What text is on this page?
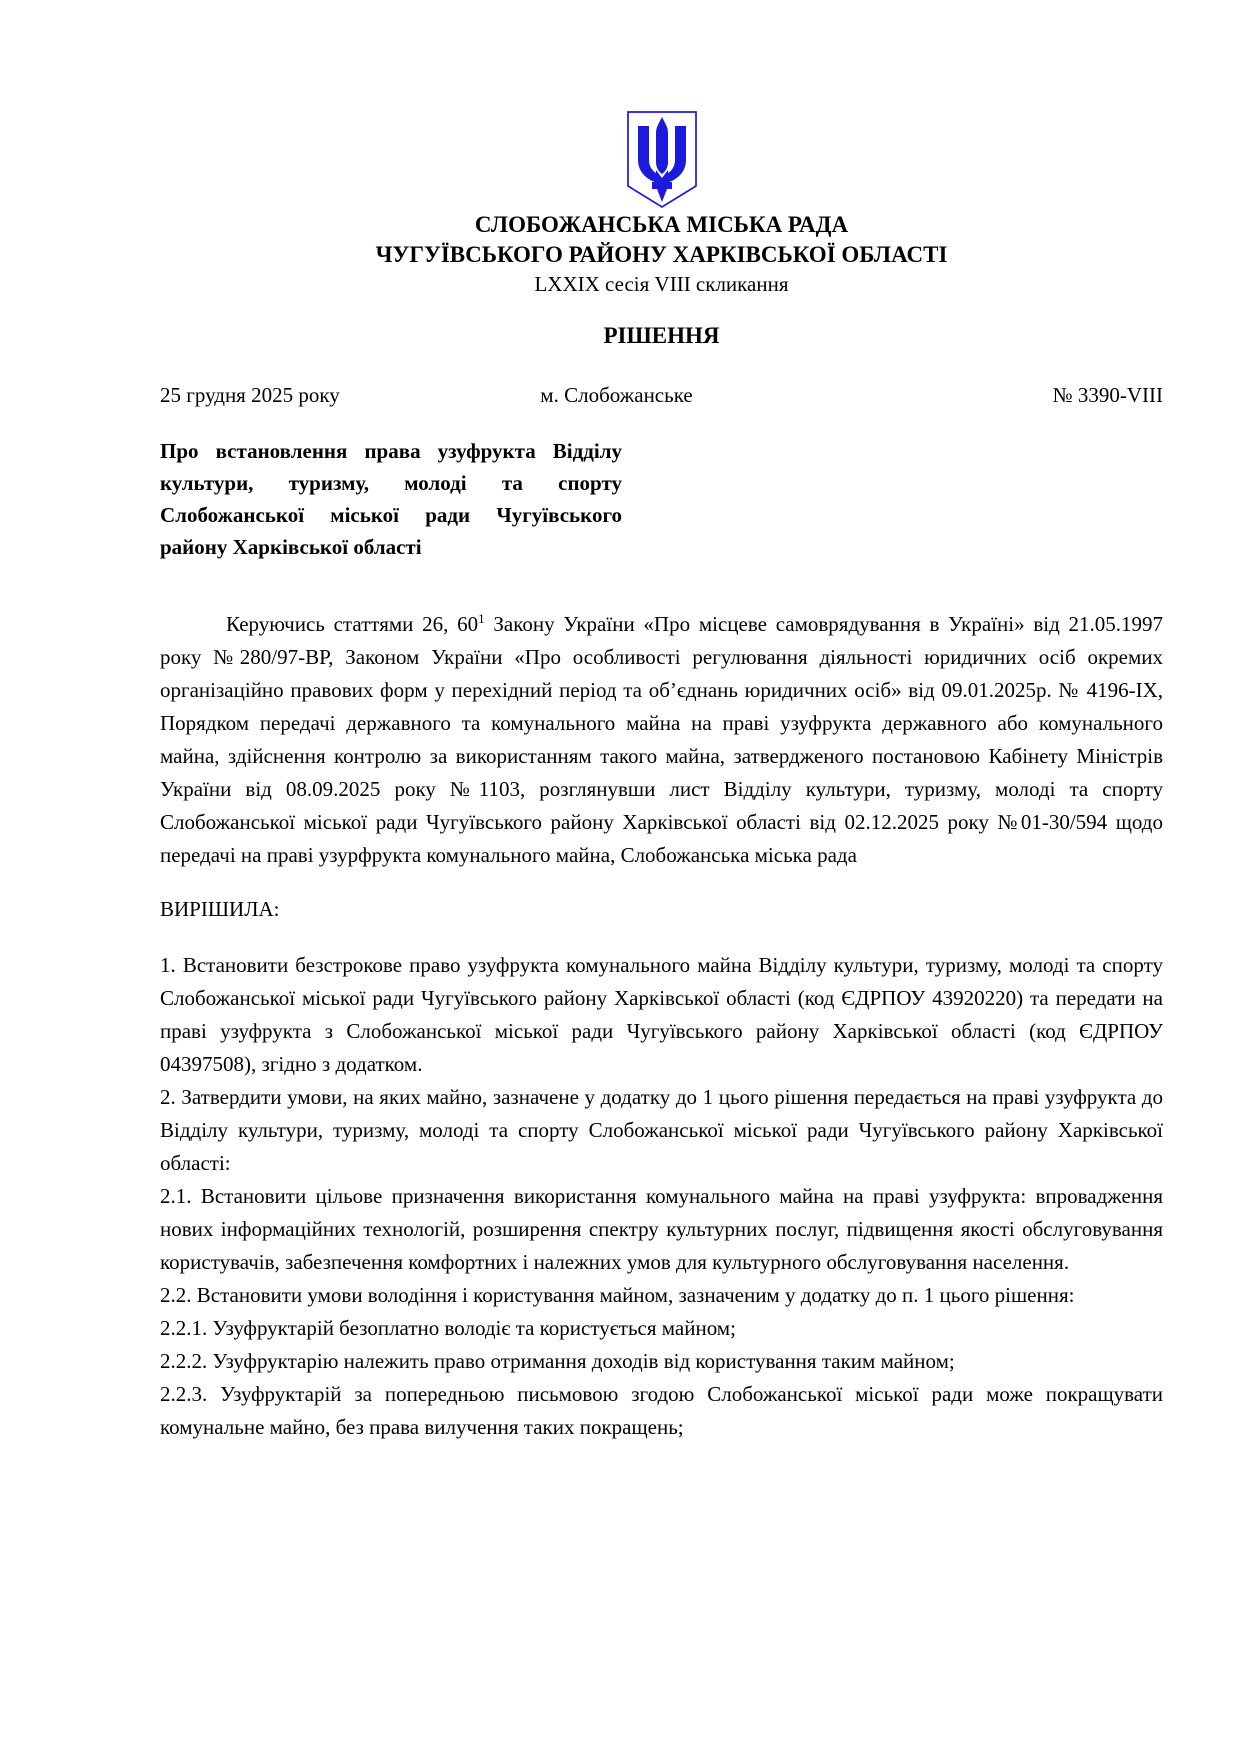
СЛОБОЖАНСЬКА МІСЬКА РАДА
ЧУГУЇВСЬКОГО РАЙОНУ ХАРКІВСЬКОЇ ОБЛАСТІ
LXXIX сесія VIII скликання
РІШЕННЯ
25 грудня 2025 року	м. Слобожанське	№ 3390-VIII
Про встановлення права узуфрукта Відділу культури, туризму, молоді та спорту Слобожанської міської ради Чугуївського району Харківської області

Керуючись статтями 26, $60^1$ Закону України «Про місцеве самоврядування в Україні» від 21.05.1997 року №280/97-ВР, Законом України «Про особливості регулювання діяльності юридичних осіб окремих організаційно правових форм у перехідний період та об’єднань юридичних осіб» від 09.01.2025р. № 4196-IX, Порядком передачі державного та комунального майна на праві узуфрукта державного або комунального майна, здійснення контролю за використанням такого майна, затвердженого постановою Кабінету Міністрів України від 08.09.2025 року №1103, розглянувши лист Відділу культури, туризму, молоді та спорту Слобожанської міської ради Чугуївського району Харківської області від 02.12.2025 року №01-30/594 щодо передачі на праві узурфрукта комунального майна, Слобожанська міська рада

ВИРІШИЛА:

1. Встановити безстрокове право узуфрукта комунального майна Відділу культури, туризму, молоді та спорту Слобожанської міської ради Чугуївського району Харківської області (код ЄДРПОУ 43920220) та передати на праві узуфрукта з Слобожанської міської ради Чугуївського району Харківської області (код ЄДРПОУ 04397508), згідно з додатком.

2. Затвердити умови, на яких майно, зазначене у додатку до 1 цього рішення передається на праві узуфрукта до Відділу культури, туризму, молоді та спорту Слобожанської міської ради Чугуївського району Харківської області:

2.1. Встановити цільове призначення використання комунального майна на праві узуфрукта: впровадження нових інформаційних технологій, розширення спектру культурних послуг, підвищення якості обслуговування користувачів, забезпечення комфортних і належних умов для культурного обслуговування населення.

2.2. Встановити умови володіння і користування майном, зазначеним у додатку до п. 1 цього рішення:

2.2.1. Узуфруктарій безоплатно володіє та користується майном;

2.2.2. Узуфруктарію належить право отримання доходів від користування таким майном;

2.2.3. Узуфруктарій за попередньою письмовою згодою Слобожанської міської ради може покращувати комунальне майно, без права вилучення таких покращень;
